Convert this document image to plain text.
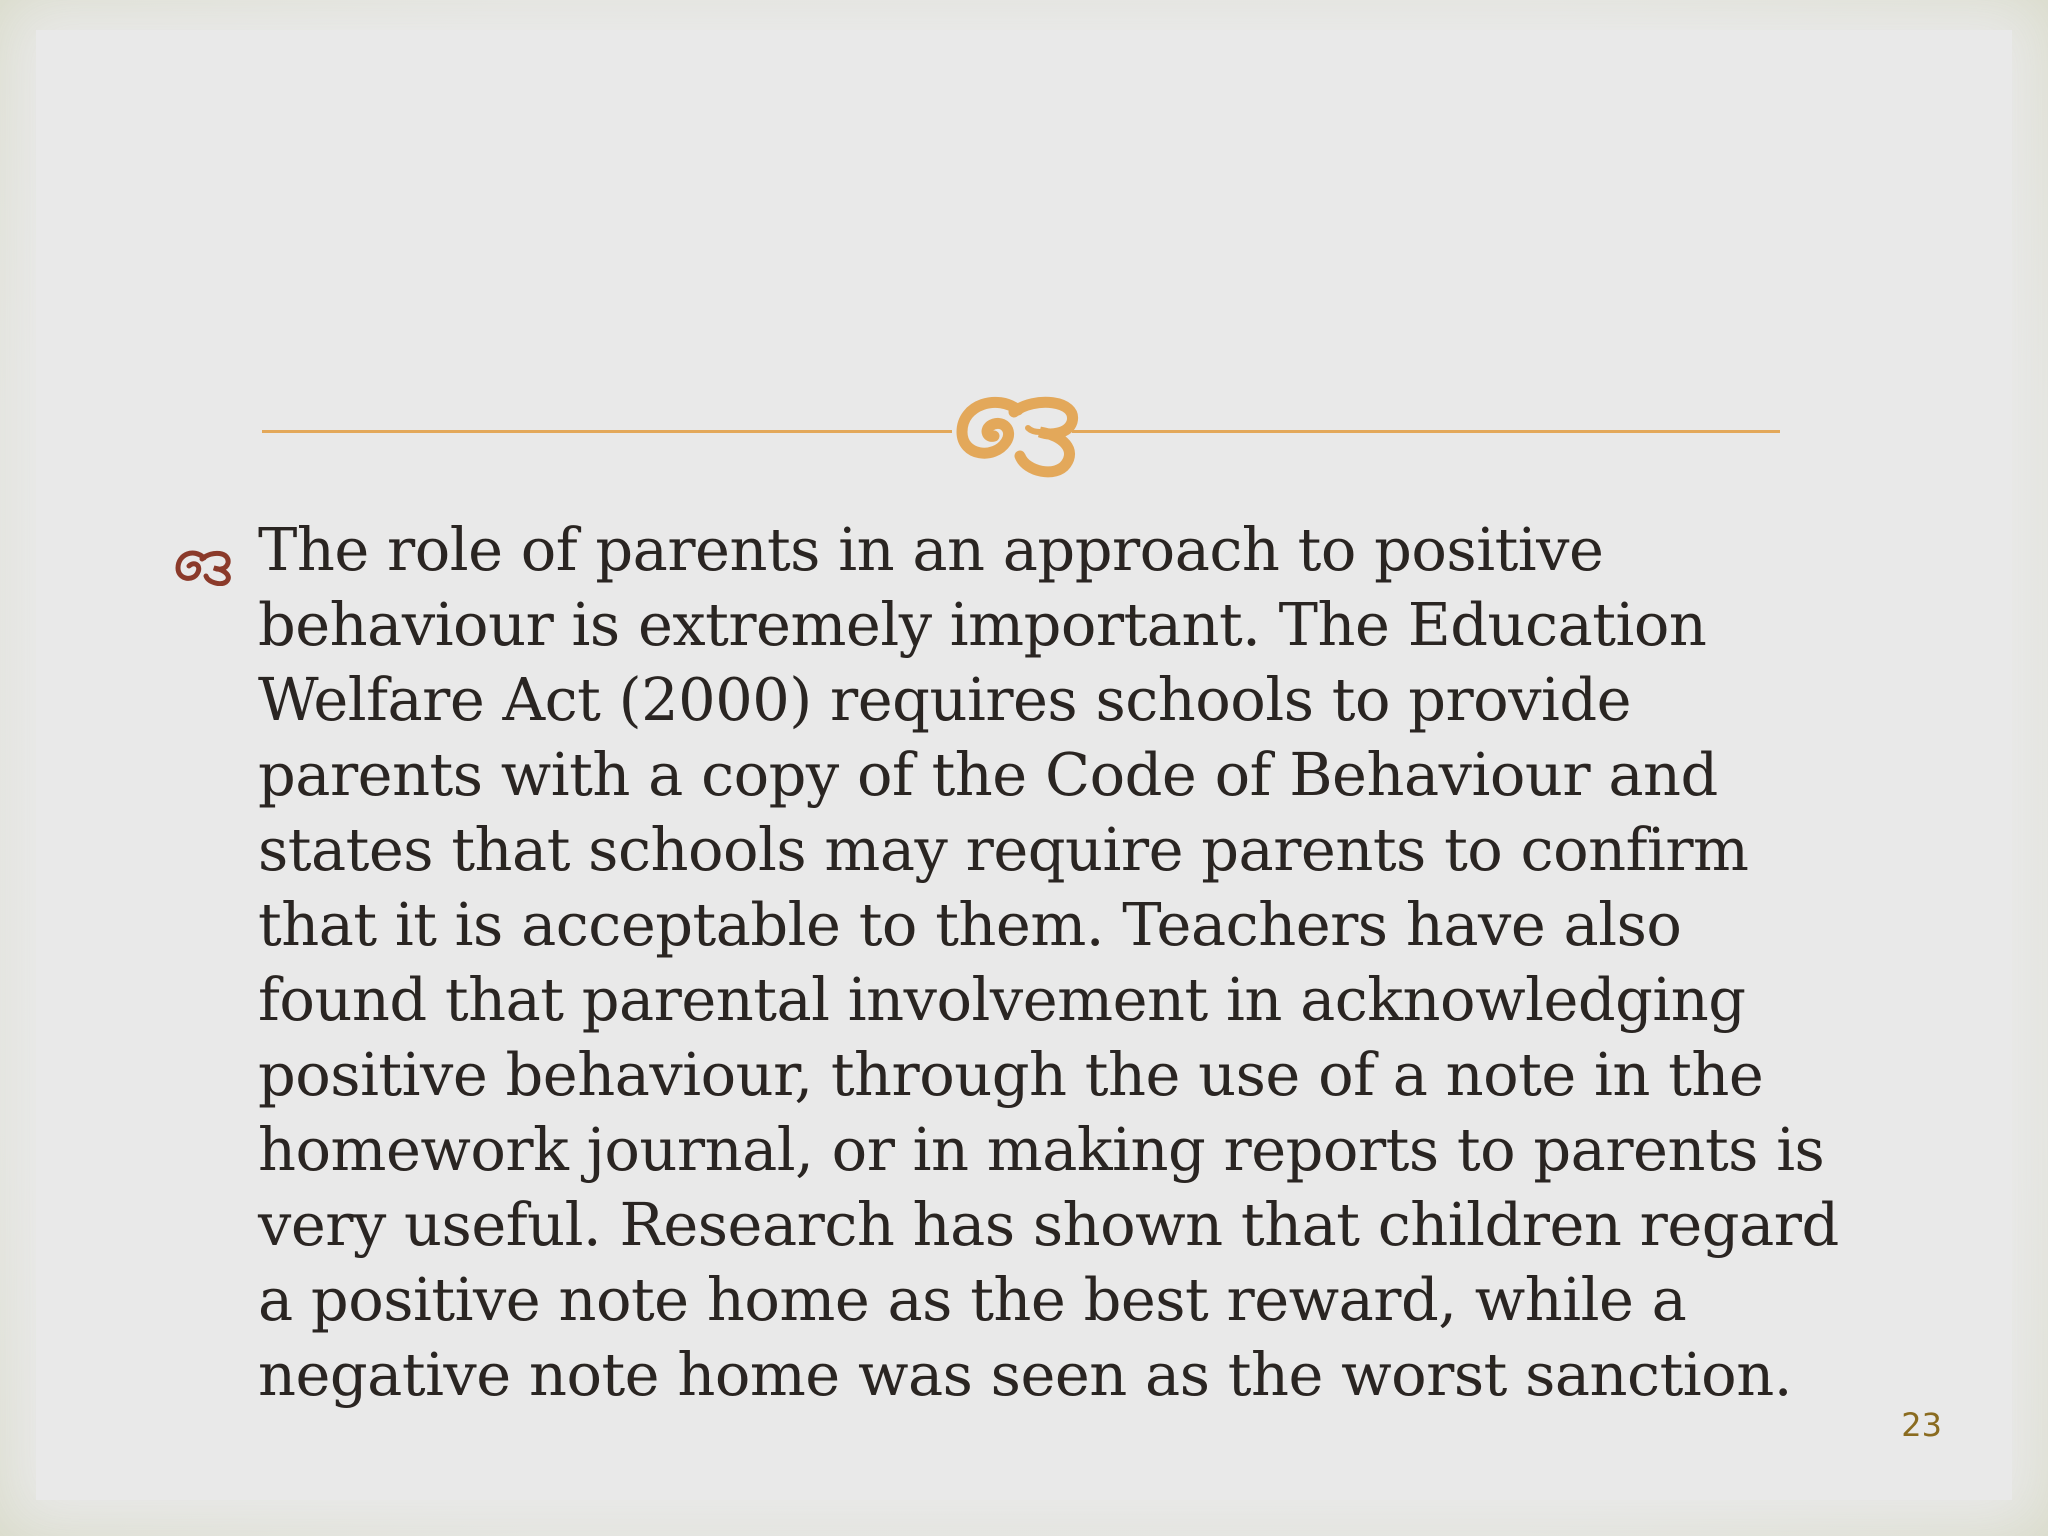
The role of parents in an approach to positive behaviour is extremely important. The Education Welfare Act (2000) requires schools to provide parents with a copy of the Code of Behaviour and states that schools may require parents to confirm that it is acceptable to them. Teachers have also found that parental involvement in acknowledging positive behaviour, through the use of a note in the homework journal, or in making reports to parents is very useful. Research has shown that children regard a positive note home as the best reward, while a negative note home was seen as the worst sanction.

23
